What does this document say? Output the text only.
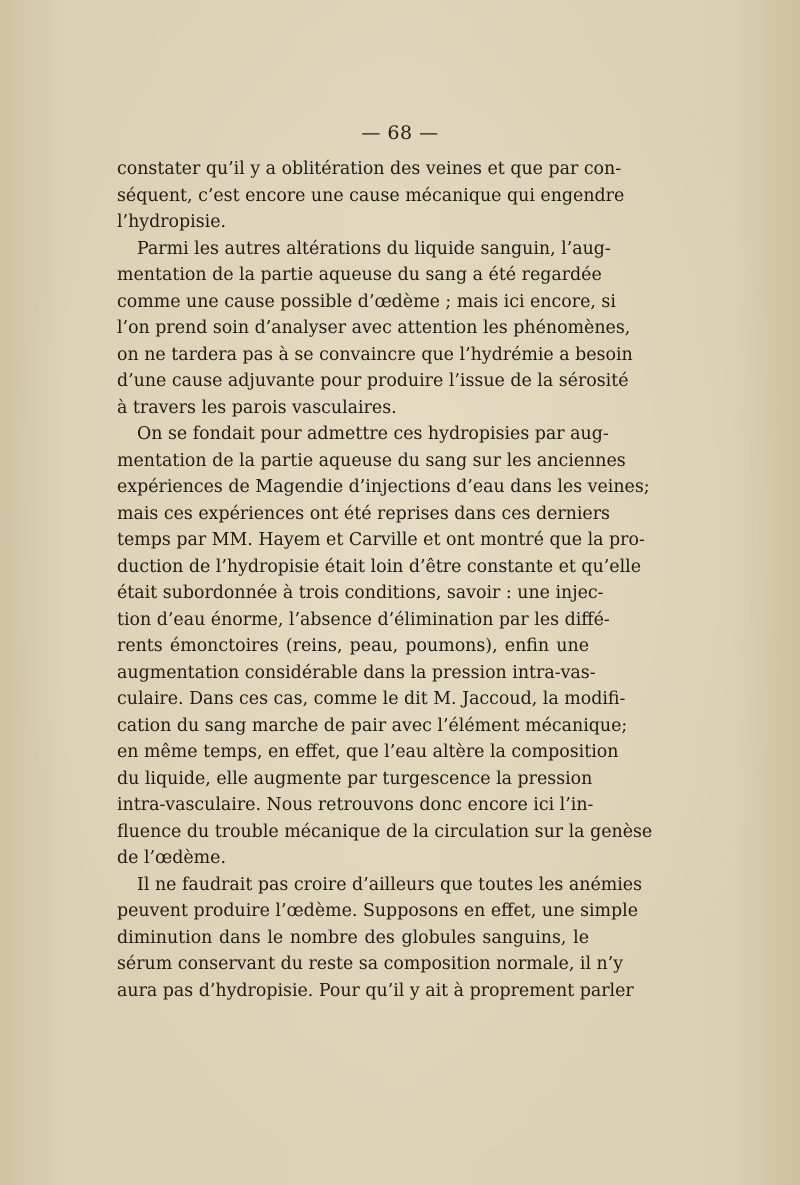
— 68 —
constater qu’il y a oblitération des veines et que par con-
séquent, c’est encore une cause mécanique qui engendre
l’hydropisie.
Parmi les autres altérations du liquide sanguin, l’aug-
mentation de la partie aqueuse du sang a été regardée
comme une cause possible d’œdème ; mais ici encore, si
l’on prend soin d’analyser avec attention les phénomènes,
on ne tardera pas à se convaincre que l’hydrémie a besoin
d’une cause adjuvante pour produire l’issue de la sérosité
à travers les parois vasculaires.
On se fondait pour admettre ces hydropisies par aug-
mentation de la partie aqueuse du sang sur les anciennes
expériences de Magendie d’injections d’eau dans les veines;
mais ces expériences ont été reprises dans ces derniers
temps par MM. Hayem et Carville et ont montré que la pro-
duction de l’hydropisie était loin d’être constante et qu’elle
était subordonnée à trois conditions, savoir : une injec-
tion d’eau énorme, l’absence d’élimination par les diffé-
rents émonctoires (reins, peau, poumons), enfin une
augmentation considérable dans la pression intra-vas-
culaire. Dans ces cas, comme le dit M. Jaccoud, la modifi-
cation du sang marche de pair avec l’élément mécanique;
en même temps, en effet, que l’eau altère la composition
du liquide, elle augmente par turgescence la pression
intra-vasculaire. Nous retrouvons donc encore ici l’in-
fluence du trouble mécanique de la circulation sur la genèse
de l’œdème.
Il ne faudrait pas croire d’ailleurs que toutes les anémies
peuvent produire l’œdème. Supposons en effet, une simple
diminution dans le nombre des globules sanguins, le
sérum conservant du reste sa composition normale, il n’y
aura pas d’hydropisie. Pour qu’il y ait à proprement parler
